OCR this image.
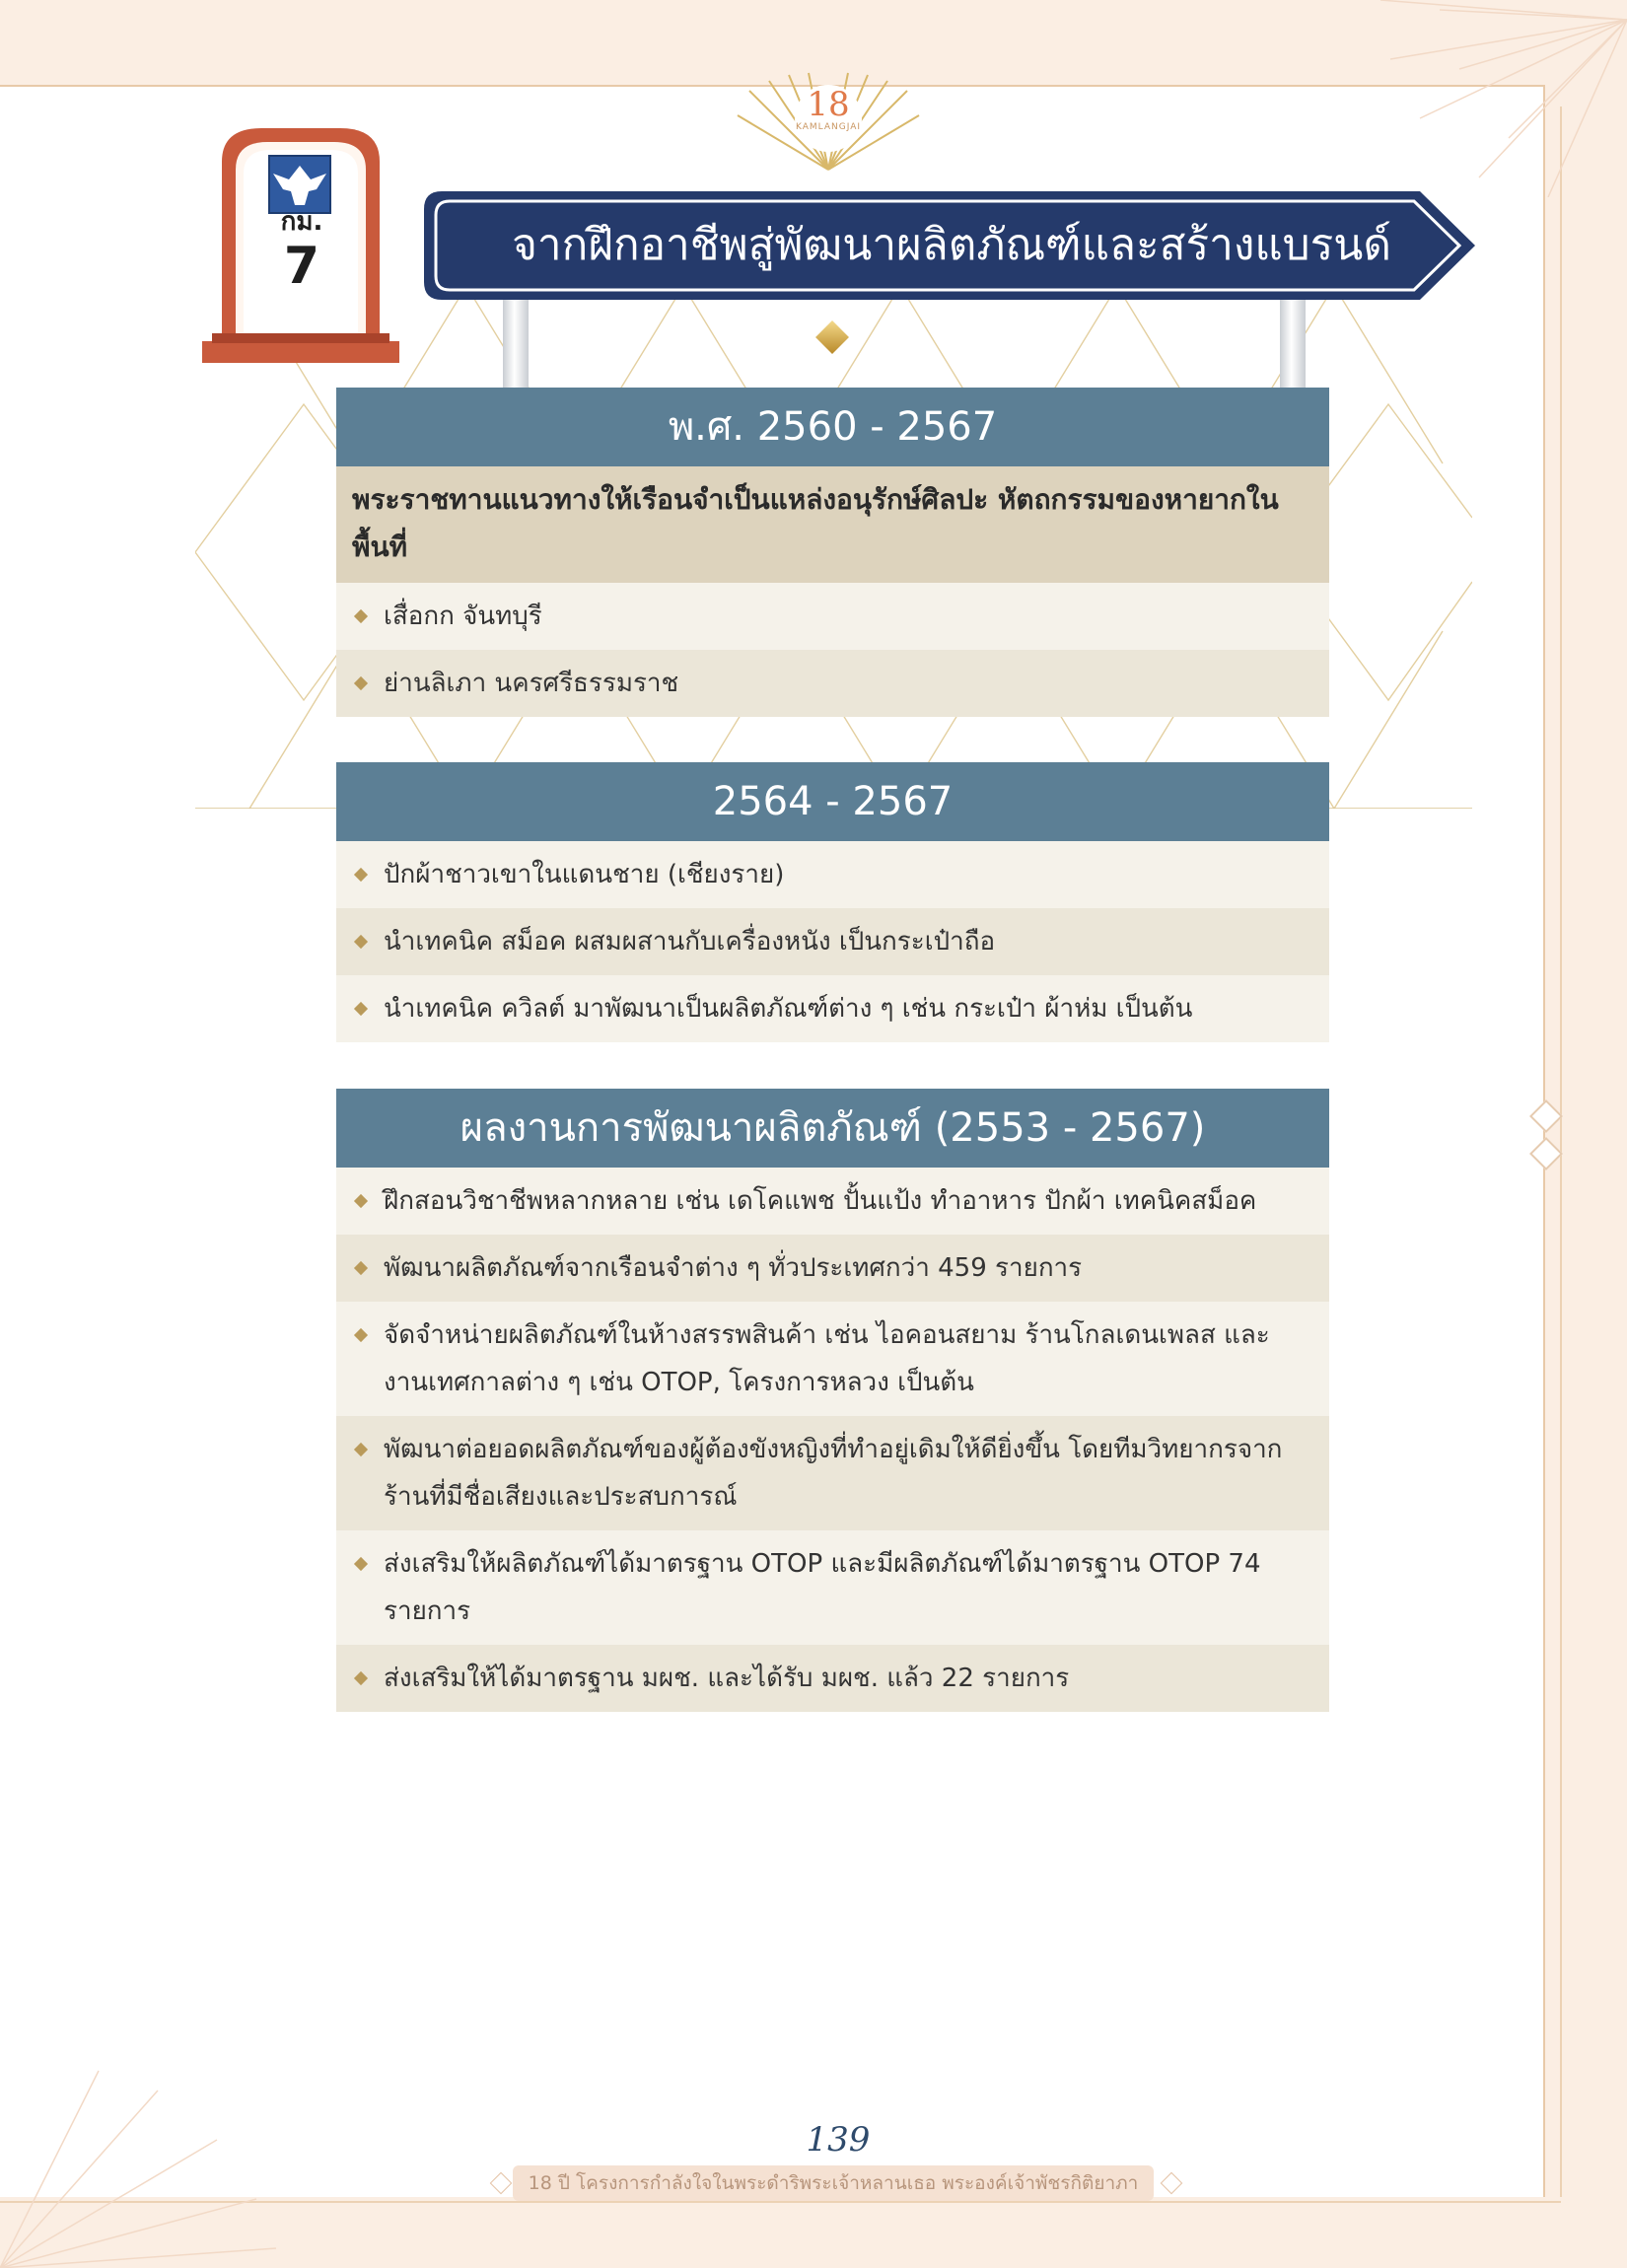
18
KAMLANGJAI
กม.
7	จากฝึกอาชีพสู่พัฒนาผลิตภัณฑ์และสร้างแบรนด์
พ.ศ. 2560 - 2567
พระราชทานแนวทางให้เรือนจำเป็นแหล่งอนุรักษ์ศิลปะ หัตถกรรมของหายากในพื้นที่
เสื่อกก จันทบุรี
ย่านลิเภา นครศรีธรรมราช
2564 - 2567
ปักผ้าชาวเขาในแดนชาย (เชียงราย)
นำเทคนิค สม็อค ผสมผสานกับเครื่องหนัง เป็นกระเป๋าถือ
นำเทคนิค ควิลต์ มาพัฒนาเป็นผลิตภัณฑ์ต่าง ๆ เช่น กระเป๋า ผ้าห่ม เป็นต้น
ผลงานการพัฒนาผลิตภัณฑ์ (2553 - 2567)
ฝึกสอนวิชาชีพหลากหลาย เช่น เดโคแพช ปั้นแป้ง ทำอาหาร ปักผ้า เทคนิคสม็อค
พัฒนาผลิตภัณฑ์จากเรือนจำต่าง ๆ ทั่วประเทศกว่า 459 รายการ
จัดจำหน่ายผลิตภัณฑ์ในห้างสรรพสินค้า เช่น ไอคอนสยาม ร้านโกลเดนเพลส และงานเทศกาลต่าง ๆ เช่น OTOP, โครงการหลวง เป็นต้น
พัฒนาต่อยอดผลิตภัณฑ์ของผู้ต้องขังหญิงที่ทำอยู่เดิมให้ดียิ่งขึ้น โดยทีมวิทยากรจากร้านที่มีชื่อเสียงและประสบการณ์
ส่งเสริมให้ผลิตภัณฑ์ได้มาตรฐาน OTOP และมีผลิตภัณฑ์ได้มาตรฐาน OTOP 74 รายการ
ส่งเสริมให้ได้มาตรฐาน มผช. และได้รับ มผช. แล้ว 22 รายการ
139
18 ปี โครงการกำลังใจในพระดำริพระเจ้าหลานเธอ พระองค์เจ้าพัชรกิติยาภา
